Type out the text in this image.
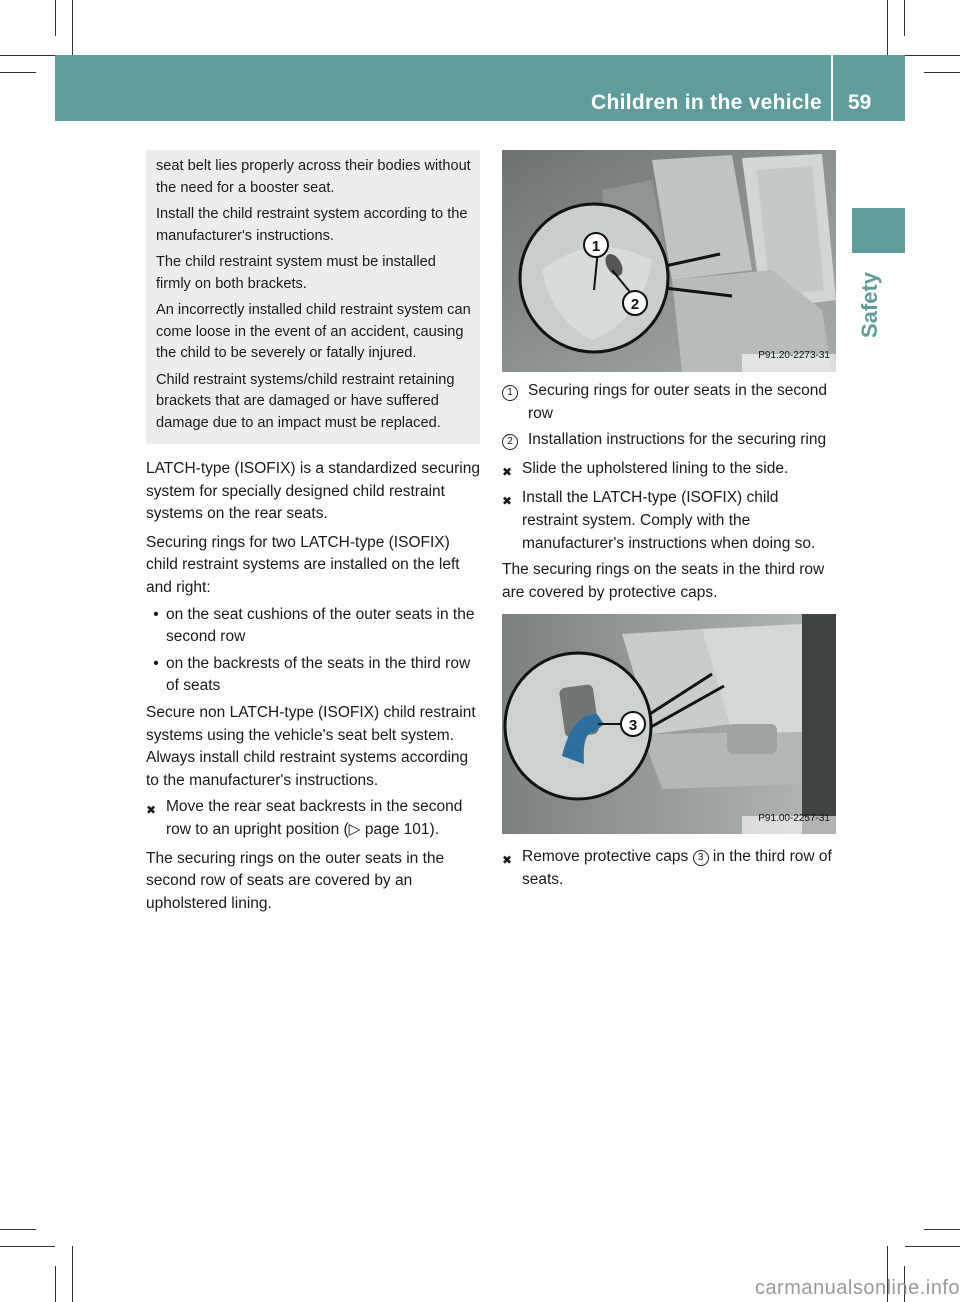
Children in the vehicle 59
Safety

seat belt lies properly across their bodies without the need for a booster seat.

Install the child restraint system according to the manufacturer's instructions.

The child restraint system must be installed firmly on both brackets.

An incorrectly installed child restraint system can come loose in the event of an accident, causing the child to be severely or fatally injured.

Child restraint systems/child restraint retaining brackets that are damaged or have suffered damage due to an impact must be replaced.

LATCH-type (ISOFIX) is a standardized securing system for specially designed child restraint systems on the rear seats.

Securing rings for two LATCH-type (ISOFIX) child restraint systems are installed on the left and right:

• on the seat cushions of the outer seats in the second row
• on the backrests of the seats in the third row of seats

Secure non LATCH-type (ISOFIX) child restraint systems using the vehicle's seat belt system. Always install child restraint systems according to the manufacturer's instructions.

✖ Move the rear seat backrests in the second row to an upright position (▷ page 101).

The securing rings on the outer seats in the second row of seats are covered by an upholstered lining.

1
2
P91.20-2273-31
1 Securing rings for outer seats in the second row
2 Installation instructions for the securing ring
✖ Slide the upholstered lining to the side.
✖ Install the LATCH-type (ISOFIX) child restraint system. Comply with the manufacturer's instructions when doing so.

The securing rings on the seats in the third row are covered by protective caps.

3
P91.00-2257-31
✖ Remove protective caps 3 in the third row of seats.
carmanualsonline.info
